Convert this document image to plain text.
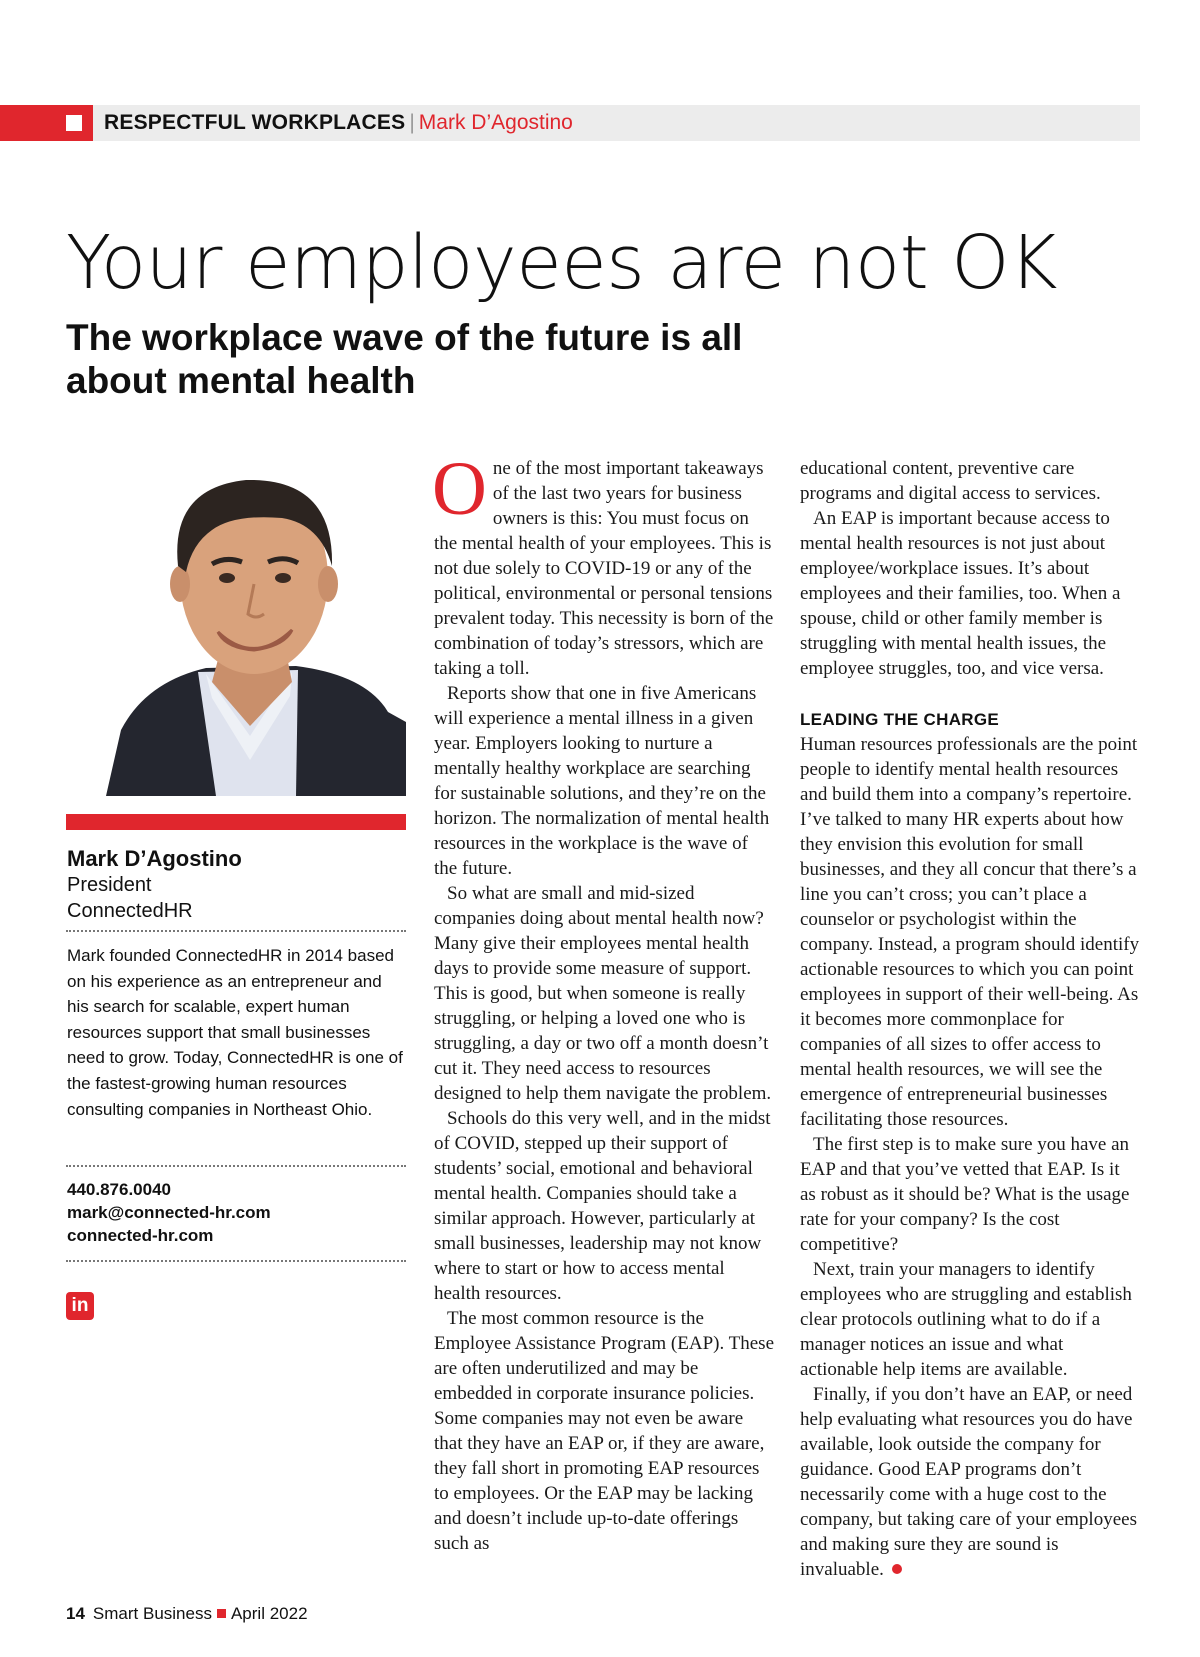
RESPECTFUL WORKPLACES | Mark D’Agostino
Your employees are not OK
The workplace wave of the future is all about mental health
Mark D’Agostino
President
ConnectedHR

Mark founded ConnectedHR in 2014 based on his experience as an entrepreneur and his search for scalable, expert human resources support that small businesses need to grow. Today, ConnectedHR is one of the fastest-growing human resources consulting companies in Northeast Ohio.

440.876.0040
mark@connected-hr.com
connected-hr.com
in

One of the most important takeaways of the last two years for business owners is this: You must focus on the mental health of your employees. This is not due solely to COVID-19 or any of the political, environmental or personal tensions prevalent today. This necessity is born of the combination of today’s stressors, which are taking a toll.

Reports show that one in five Americans will experience a mental illness in a given year. Employers looking to nurture a mentally healthy workplace are searching for sustainable solutions, and they’re on the horizon. The normalization of mental health resources in the workplace is the wave of the future.

So what are small and mid-sized companies doing about mental health now? Many give their employees mental health days to provide some measure of support. This is good, but when someone is really struggling, or helping a loved one who is struggling, a day or two off a month doesn’t cut it. They need access to resources designed to help them navigate the problem.

Schools do this very well, and in the midst of COVID, stepped up their support of students’ social, emotional and behavioral mental health. Companies should take a similar approach. However, particularly at small businesses, leadership may not know where to start or how to access mental health resources.

The most common resource is the Employee Assistance Program (EAP). These are often underutilized and may be embedded in corporate insurance policies. Some companies may not even be aware that they have an EAP or, if they are aware, they fall short in promoting EAP resources to employees. Or the EAP may be lacking and doesn’t include up-to-date offerings such as

educational content, preventive care programs and digital access to services.

An EAP is important because access to mental health resources is not just about employee/workplace issues. It’s about employees and their families, too. When a spouse, child or other family member is struggling with mental health issues, the employee struggles, too, and vice versa.

LEADING THE CHARGE

Human resources professionals are the point people to identify mental health resources and build them into a company’s repertoire. I’ve talked to many HR experts about how they envision this evolution for small businesses, and they all concur that there’s a line you can’t cross; you can’t place a counselor or psychologist within the company. Instead, a program should identify actionable resources to which you can point employees in support of their well-being. As it becomes more commonplace for companies of all sizes to offer access to mental health resources, we will see the emergence of entrepreneurial businesses facilitating those resources.

The first step is to make sure you have an EAP and that you’ve vetted that EAP. Is it as robust as it should be? What is the usage rate for your company? Is the cost competitive?

Next, train your managers to identify employees who are struggling and establish clear protocols outlining what to do if a manager notices an issue and what actionable help items are available.

Finally, if you don’t have an EAP, or need help evaluating what resources you do have available, look outside the company for guidance. Good EAP programs don’t necessarily come with a huge cost to the company, but taking care of your employees and making sure they are sound is invaluable.

14 Smart Business April 2022
